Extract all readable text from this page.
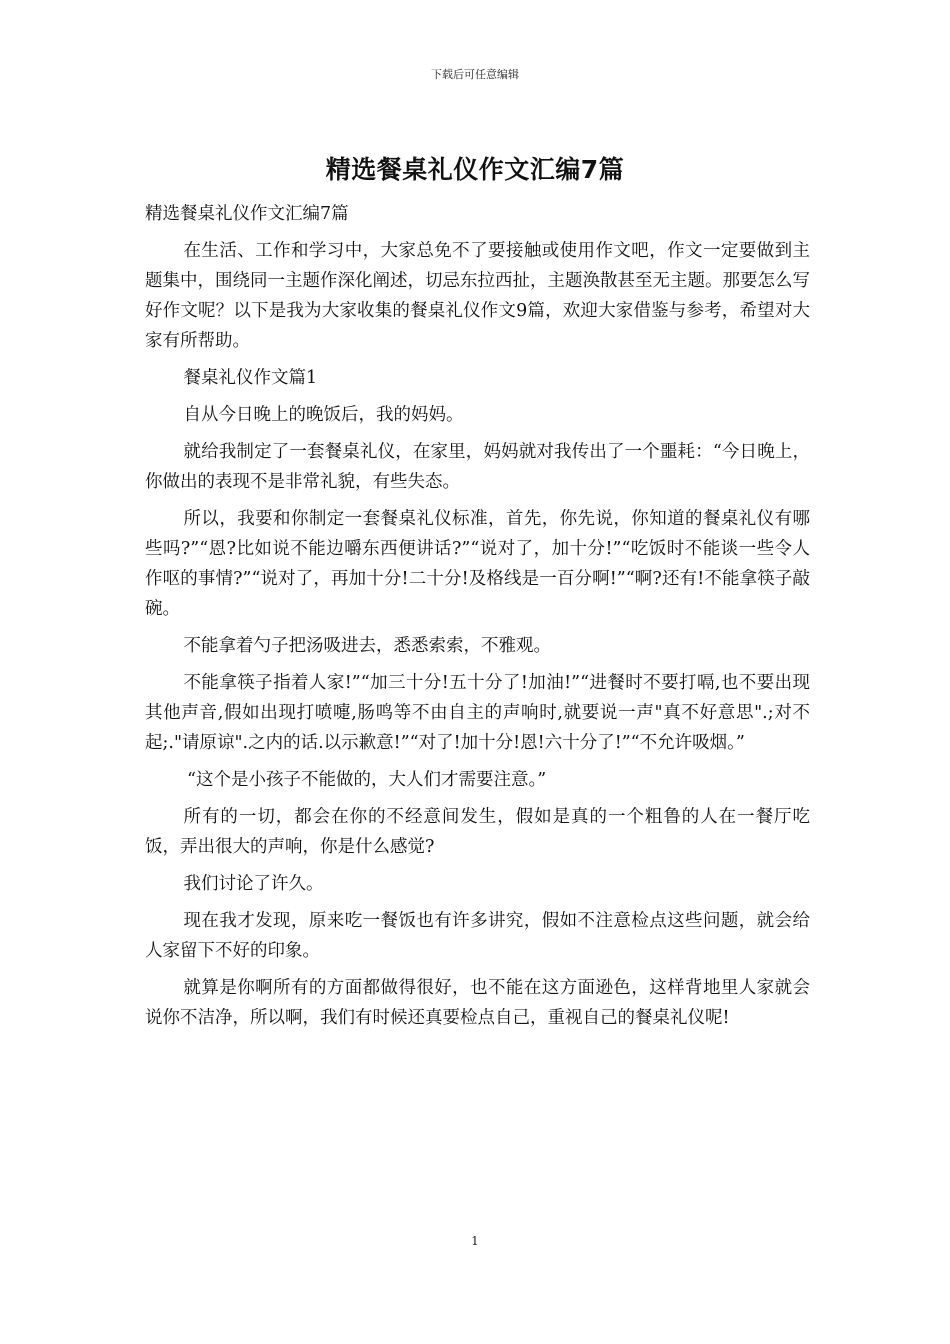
下载后可任意编辑
精选餐桌礼仪作文汇编7篇

精选餐桌礼仪作文汇编7篇

在生活、工作和学习中，大家总免不了要接触或使用作文吧，作文一定要做到主题集中，围绕同一主题作深化阐述，切忌东拉西扯，主题涣散甚至无主题。那要怎么写好作文呢？以下是我为大家收集的餐桌礼仪作文9篇，欢迎大家借鉴与参考，希望对大家有所帮助。

餐桌礼仪作文篇1

自从今日晚上的晚饭后，我的妈妈。

就给我制定了一套餐桌礼仪，在家里，妈妈就对我传出了一个噩耗：“今日晚上，你做出的表现不是非常礼貌，有些失态。

所以，我要和你制定一套餐桌礼仪标准，首先，你先说，你知道的餐桌礼仪有哪些吗?”“恩?比如说不能边嚼东西便讲话?”“说对了，加十分!”“吃饭时不能谈一些令人作呕的事情?”“说对了，再加十分!二十分!及格线是一百分啊!”“啊?还有!不能拿筷子敲碗。

不能拿着勺子把汤吸进去，悉悉索索，不雅观。

不能拿筷子指着人家!”“加三十分!五十分了!加油!”“进餐时不要打嗝,也不要出现其他声音,假如出现打喷嚏,肠鸣等不由自主的声响时,就要说一声"真不好意思".;对不起;."请原谅".之内的话.以示歉意!”“对了!加十分!恩!六十分了!”“不允许吸烟。”

“这个是小孩子不能做的，大人们才需要注意。”

所有的一切，都会在你的不经意间发生，假如是真的一个粗鲁的人在一餐厅吃饭，弄出很大的声响，你是什么感觉?

我们讨论了许久。

现在我才发现，原来吃一餐饭也有许多讲究，假如不注意检点这些问题，就会给人家留下不好的印象。

就算是你啊所有的方面都做得很好，也不能在这方面逊色，这样背地里人家就会说你不洁净，所以啊，我们有时候还真要检点自己，重视自己的餐桌礼仪呢!

1
